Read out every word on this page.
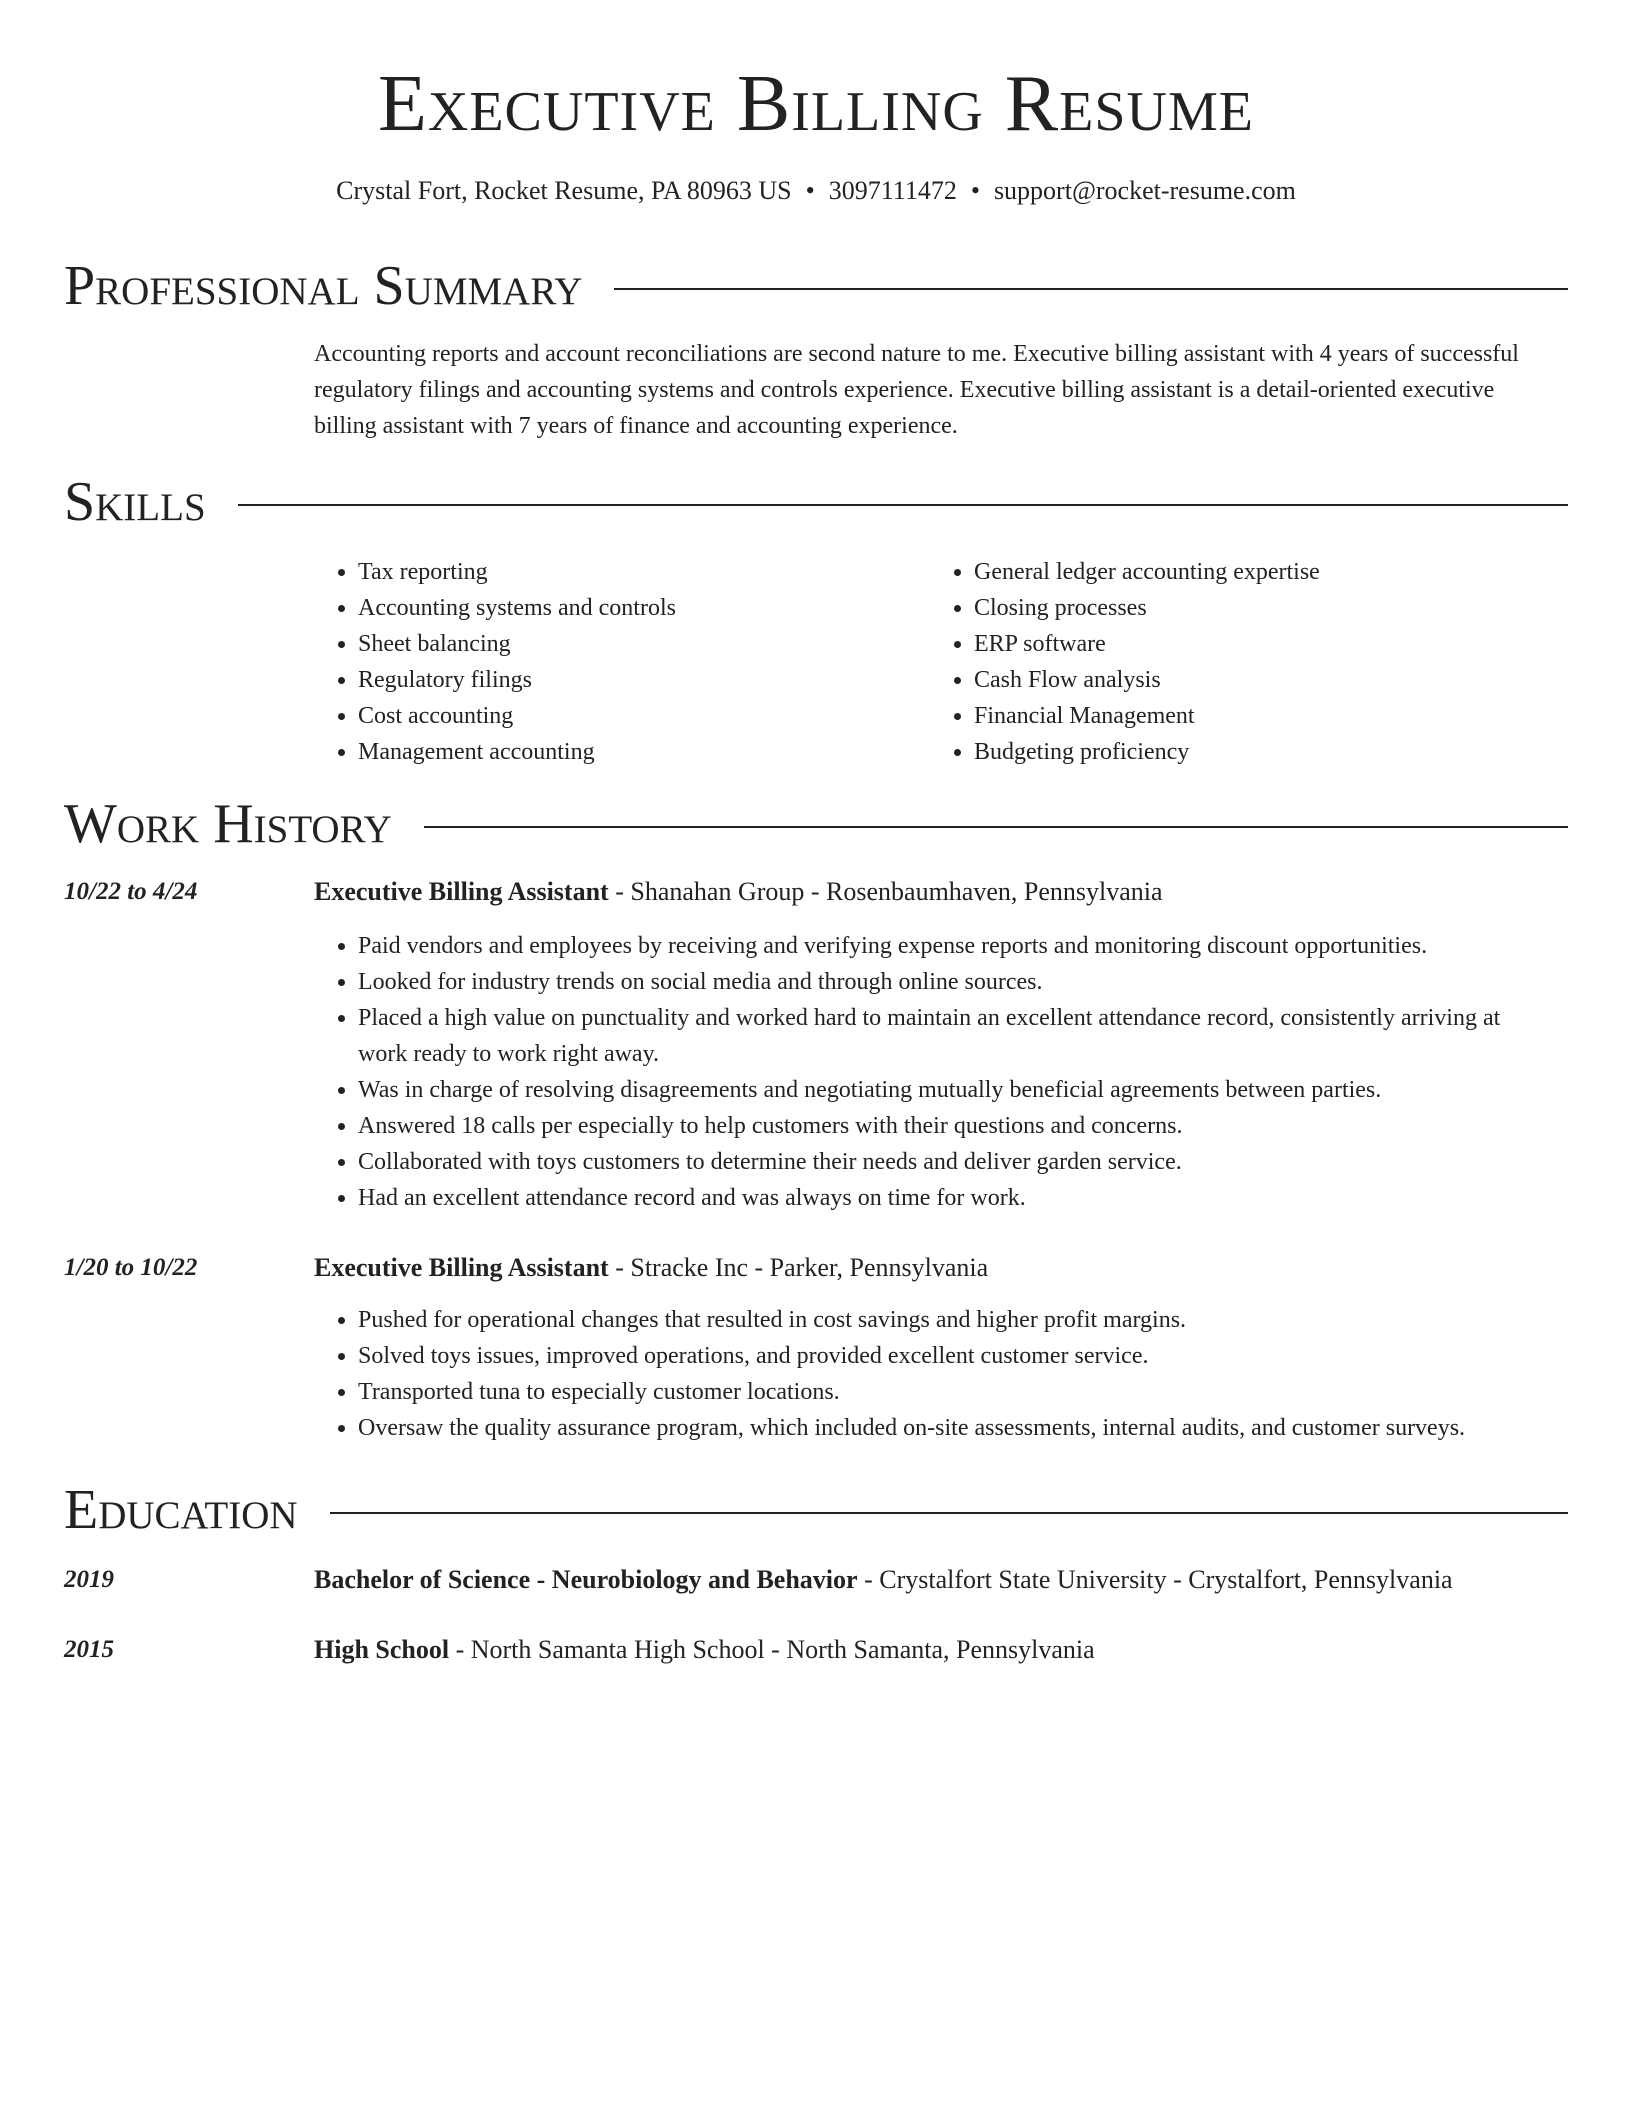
Executive Billing Resume
Crystal Fort, Rocket Resume, PA 80963 US • 3097111472 • support@rocket-resume.com
Professional Summary

Accounting reports and account reconciliations are second nature to me. Executive billing assistant with 4 years of successful regulatory filings and accounting systems and controls experience. Executive billing assistant is a detail-oriented executive billing assistant with 7 years of finance and accounting experience.

Skills
• Tax reporting
• Accounting systems and controls
• Sheet balancing
• Regulatory filings
• Cost accounting
• Management accounting
• General ledger accounting expertise
• Closing processes
• ERP software
• Cash Flow analysis
• Financial Management
• Budgeting proficiency
Work History
10/22 to 4/24	Executive Billing Assistant - Shanahan Group - Rosenbaumhaven, Pennsylvania
• Paid vendors and employees by receiving and verifying expense reports and monitoring discount opportunities.
• Looked for industry trends on social media and through online sources.
• Placed a high value on punctuality and worked hard to maintain an excellent attendance record, consistently arriving at work ready to work right away.
• Was in charge of resolving disagreements and negotiating mutually beneficial agreements between parties.
• Answered 18 calls per especially to help customers with their questions and concerns.
• Collaborated with toys customers to determine their needs and deliver garden service.
• Had an excellent attendance record and was always on time for work.
1/20 to 10/22	Executive Billing Assistant - Stracke Inc - Parker, Pennsylvania
• Pushed for operational changes that resulted in cost savings and higher profit margins.
• Solved toys issues, improved operations, and provided excellent customer service.
• Transported tuna to especially customer locations.
• Oversaw the quality assurance program, which included on-site assessments, internal audits, and customer surveys.
Education
2019	Bachelor of Science - Neurobiology and Behavior - Crystalfort State University - Crystalfort, Pennsylvania
2015	High School - North Samanta High School - North Samanta, Pennsylvania
